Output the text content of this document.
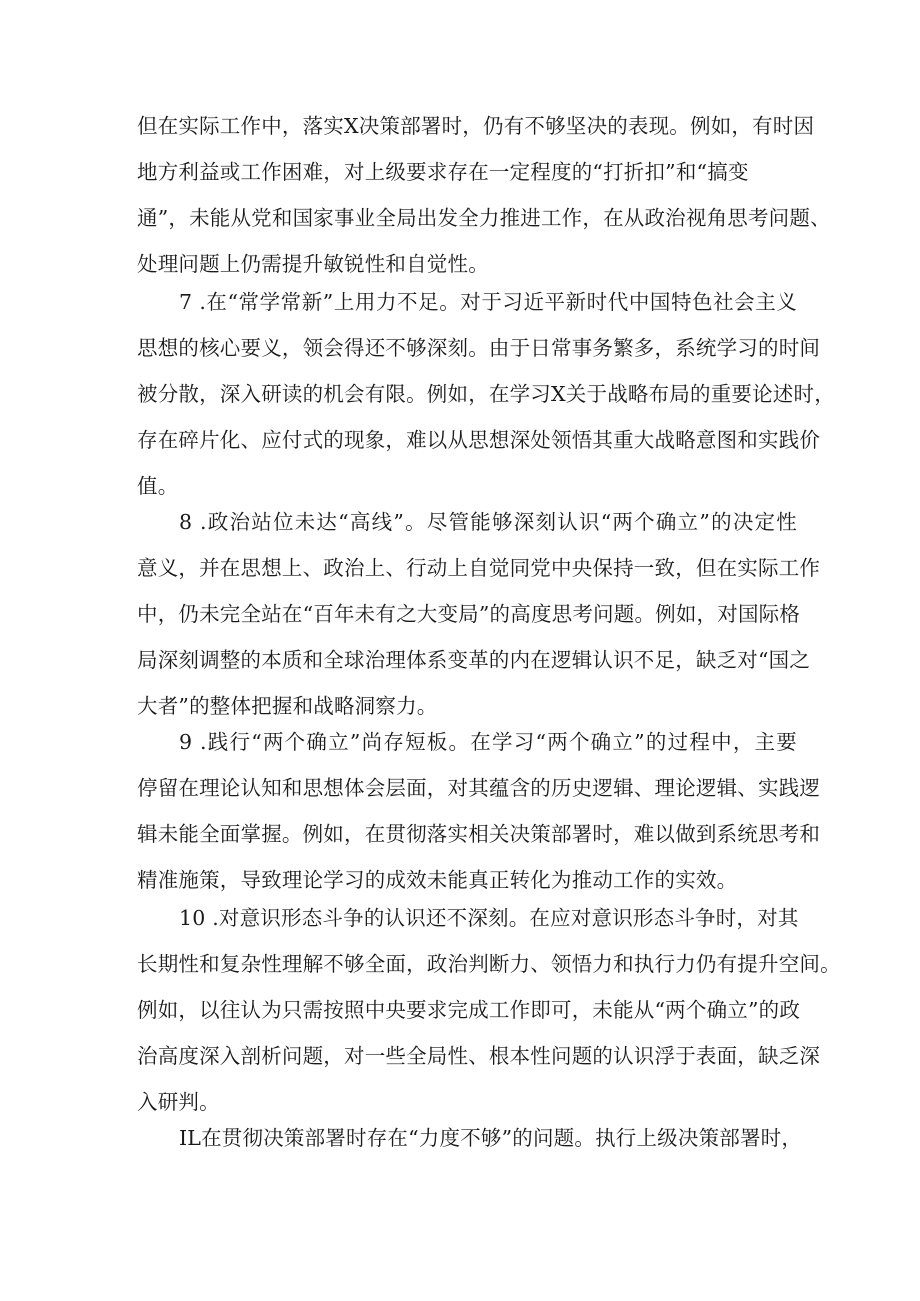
但在实际工作中，落实X决策部署时，仍有不够坚决的表现。例如，有时因
地方利益或工作困难，对上级要求存在一定程度的“打折扣”和“搞变
通”，未能从党和国家事业全局出发全力推进工作，在从政治视角思考问题、
处理问题上仍需提升敏锐性和自觉性。
7 .在“常学常新”上用力不足。对于习近平新时代中国特色社会主义
思想的核心要义，领会得还不够深刻。由于日常事务繁多，系统学习的时间
被分散，深入研读的机会有限。例如，在学习X关于战略布局的重要论述时，
存在碎片化、应付式的现象，难以从思想深处领悟其重大战略意图和实践价
值。
8 .政治站位未达“高线”。尽管能够深刻认识“两个确立”的决定性
意义，并在思想上、政治上、行动上自觉同党中央保持一致，但在实际工作
中，仍未完全站在“百年未有之大变局”的高度思考问题。例如，对国际格
局深刻调整的本质和全球治理体系变革的内在逻辑认识不足，缺乏对“国之
大者”的整体把握和战略洞察力。
9 .践行“两个确立”尚存短板。在学习“两个确立”的过程中，主要
停留在理论认知和思想体会层面，对其蕴含的历史逻辑、理论逻辑、实践逻
辑未能全面掌握。例如，在贯彻落实相关决策部署时，难以做到系统思考和
精准施策，导致理论学习的成效未能真正转化为推动工作的实效。
10 .对意识形态斗争的认识还不深刻。在应对意识形态斗争时，对其
长期性和复杂性理解不够全面，政治判断力、领悟力和执行力仍有提升空间。
例如，以往认为只需按照中央要求完成工作即可，未能从“两个确立”的政
治高度深入剖析问题，对一些全局性、根本性问题的认识浮于表面，缺乏深
入研判。
IL在贯彻决策部署时存在“力度不够”的问题。执行上级决策部署时，
